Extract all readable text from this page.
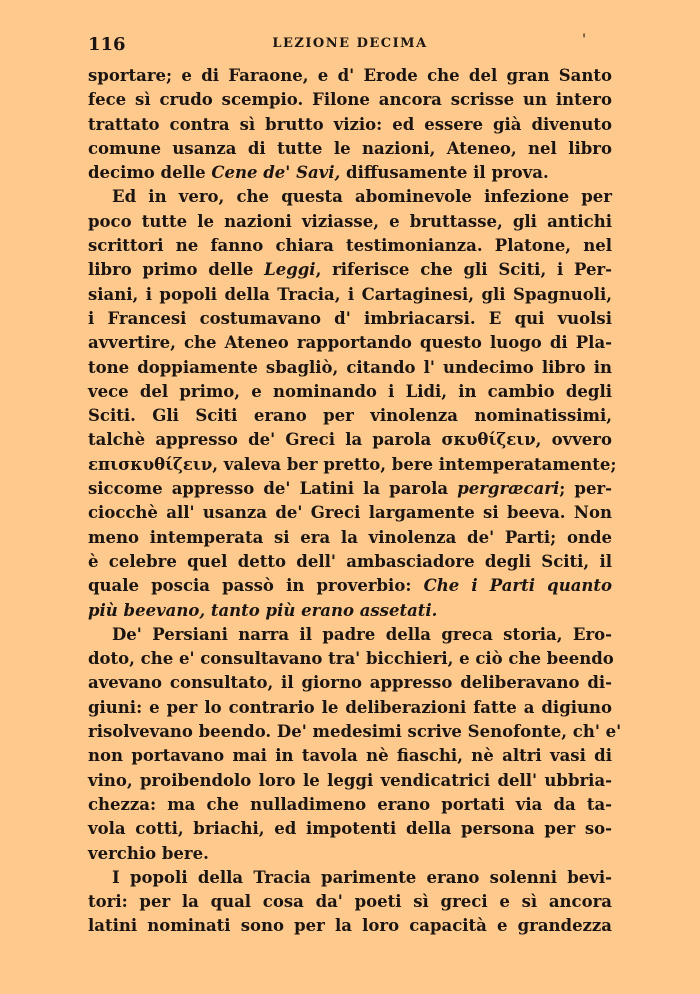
116	LEZIONE DECIMA	'

sportare; e di Faraone, e d' Erode che del gran Santo
fece sì crudo scempio. Filone ancora scrisse un intero
trattato contra sì brutto vizio: ed essere già divenuto
comune usanza di tutte le nazioni, Ateneo, nel libro
decimo delle Cene de' Savi, diffusamente il prova.

Ed in vero, che questa abominevole infezione per
poco tutte le nazioni viziasse, e bruttasse, gli antichi
scrittori ne fanno chiara testimonianza. Platone, nel
libro primo delle Leggi, riferisce che gli Sciti, i Per-
siani, i popoli della Tracia, i Cartaginesi, gli Spagnuoli,
i Francesi costumavano d' imbriacarsi. E qui vuolsi
avvertire, che Ateneo rapportando questo luogo di Pla-
tone doppiamente sbagliò, citando l' undecimo libro in
vece del primo, e nominando i Lidi, in cambio degli
Sciti. Gli Sciti erano per vinolenza nominatissimi,
talchè appresso de' Greci la parola σκυθίζειν, ovvero
επισκυθίζειν, valeva ber pretto, bere intemperatamente;
siccome appresso de' Latini la parola pergræcari; per-
ciocchè all' usanza de' Greci largamente si beeva. Non
meno intemperata si era la vinolenza de' Parti; onde
è celebre quel detto dell' ambasciadore degli Sciti, il
quale poscia passò in proverbio: Che i Parti quanto
più beevano, tanto più erano assetati.

De' Persiani narra il padre della greca storia, Ero-
doto, che e' consultavano tra' bicchieri, e ciò che beendo
avevano consultato, il giorno appresso deliberavano di-
giuni: e per lo contrario le deliberazioni fatte a digiuno
risolvevano beendo. De' medesimi scrive Senofonte, ch' e'
non portavano mai in tavola nè fiaschi, nè altri vasi di
vino, proibendolo loro le leggi vendicatrici dell' ubbria-
chezza: ma che nulladimeno erano portati via da ta-
vola cotti, briachi, ed impotenti della persona per so-
verchio bere.

I popoli della Tracia parimente erano solenni bevi-
tori: per la qual cosa da' poeti sì greci e sì ancora
latini nominati sono per la loro capacità e grandezza
